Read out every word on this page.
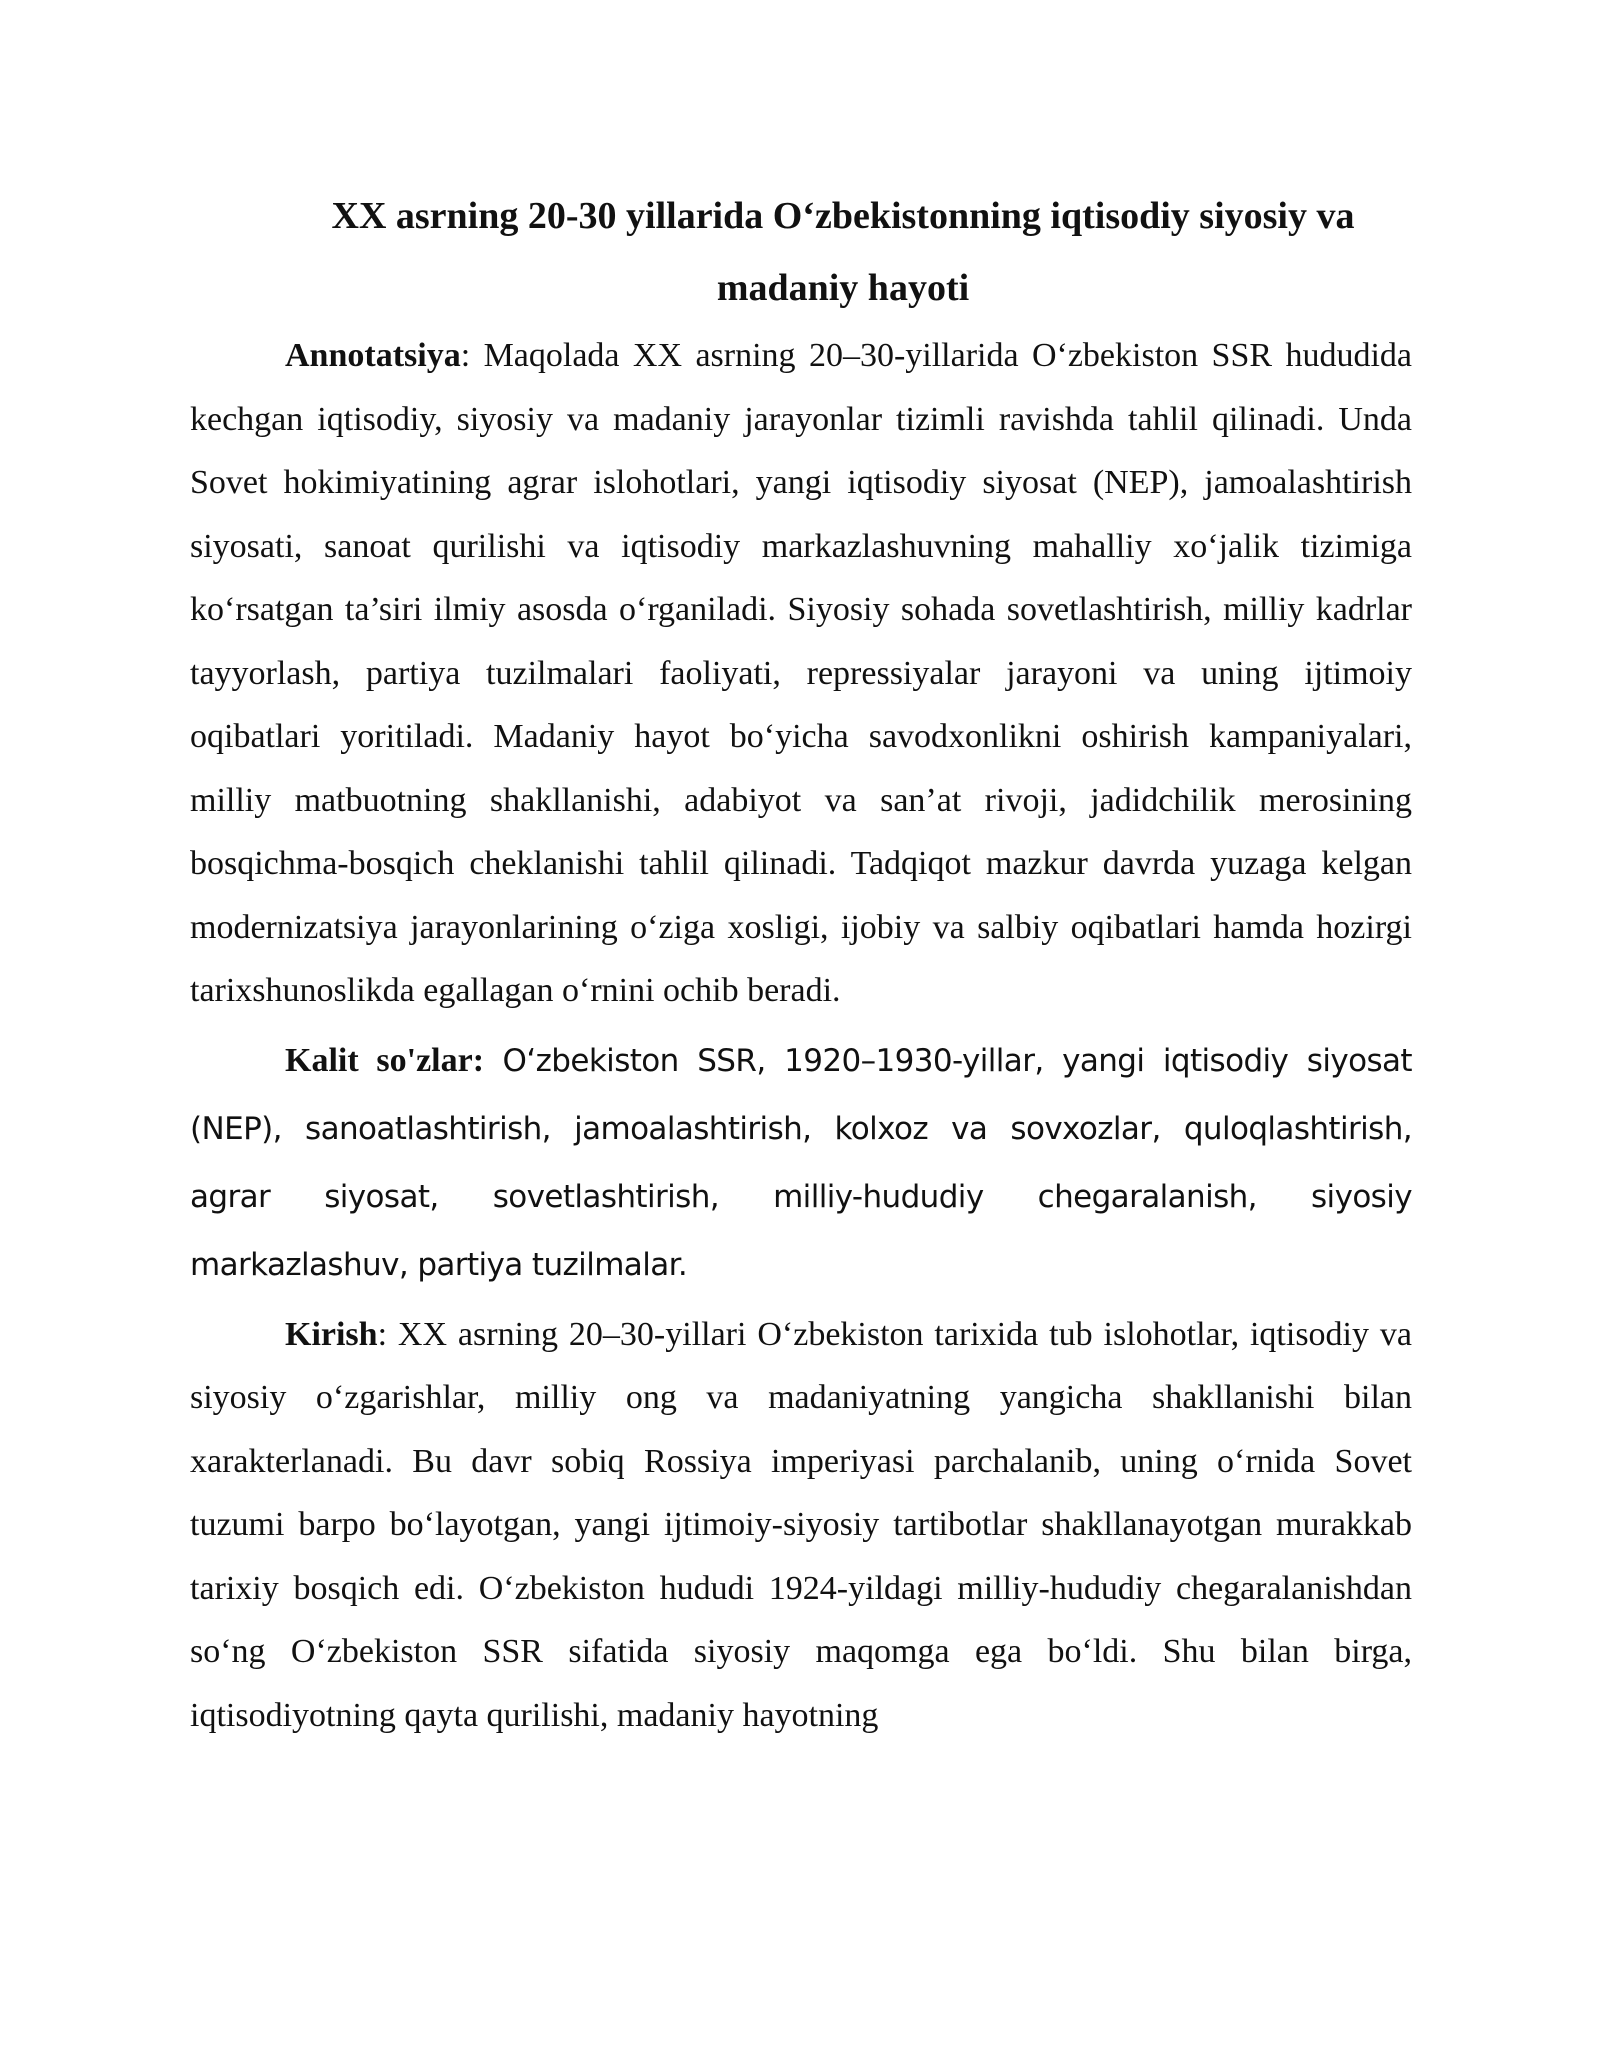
XX asrning 20-30 yillarida O‘zbekistonning iqtisodiy siyosiy va madaniy hayoti

Annotatsiya: Maqolada XX asrning 20–30-yillarida O‘zbekiston SSR hududida kechgan iqtisodiy, siyosiy va madaniy jarayonlar tizimli ravishda tahlil qilinadi. Unda Sovet hokimiyatining agrar islohotlari, yangi iqtisodiy siyosat (NEP), jamoalashtirish siyosati, sanoat qurilishi va iqtisodiy markazlashuvning mahalliy xo‘jalik tizimiga ko‘rsatgan ta’siri ilmiy asosda o‘rganiladi. Siyosiy sohada sovetlashtirish, milliy kadrlar tayyorlash, partiya tuzilmalari faoliyati, repressiyalar jarayoni va uning ijtimoiy oqibatlari yoritiladi. Madaniy hayot bo‘yicha savodxonlikni oshirish kampaniyalari, milliy matbuotning shakllanishi, adabiyot va san’at rivoji, jadidchilik merosining bosqichma-bosqich cheklanishi tahlil qilinadi. Tadqiqot mazkur davrda yuzaga kelgan modernizatsiya jarayonlarining o‘ziga xosligi, ijobiy va salbiy oqibatlari hamda hozirgi tarixshunoslikda egallagan o‘rnini ochib beradi.

Kalit so'zlar: Oʻzbekiston SSR, 1920–1930-yillar, yangi iqtisodiy siyosat (NEP), sanoatlashtirish, jamoalashtirish, kolxoz va sovxozlar, quloqlashtirish, agrar siyosat, sovetlashtirish, milliy-hududiy chegaralanish, siyosiy markazlashuv, partiya tuzilmalar.

Kirish: XX asrning 20–30-yillari O‘zbekiston tarixida tub islohotlar, iqtisodiy va siyosiy o‘zgarishlar, milliy ong va madaniyatning yangicha shakllanishi bilan xarakterlanadi. Bu davr sobiq Rossiya imperiyasi parchalanib, uning o‘rnida Sovet tuzumi barpo bo‘layotgan, yangi ijtimoiy-siyosiy tartibotlar shakllanayotgan murakkab tarixiy bosqich edi. O‘zbekiston hududi 1924-yildagi milliy-hududiy chegaralanishdan so‘ng O‘zbekiston SSR sifatida siyosiy maqomga ega bo‘ldi. Shu bilan birga, iqtisodiyotning qayta qurilishi, madaniy hayotning
